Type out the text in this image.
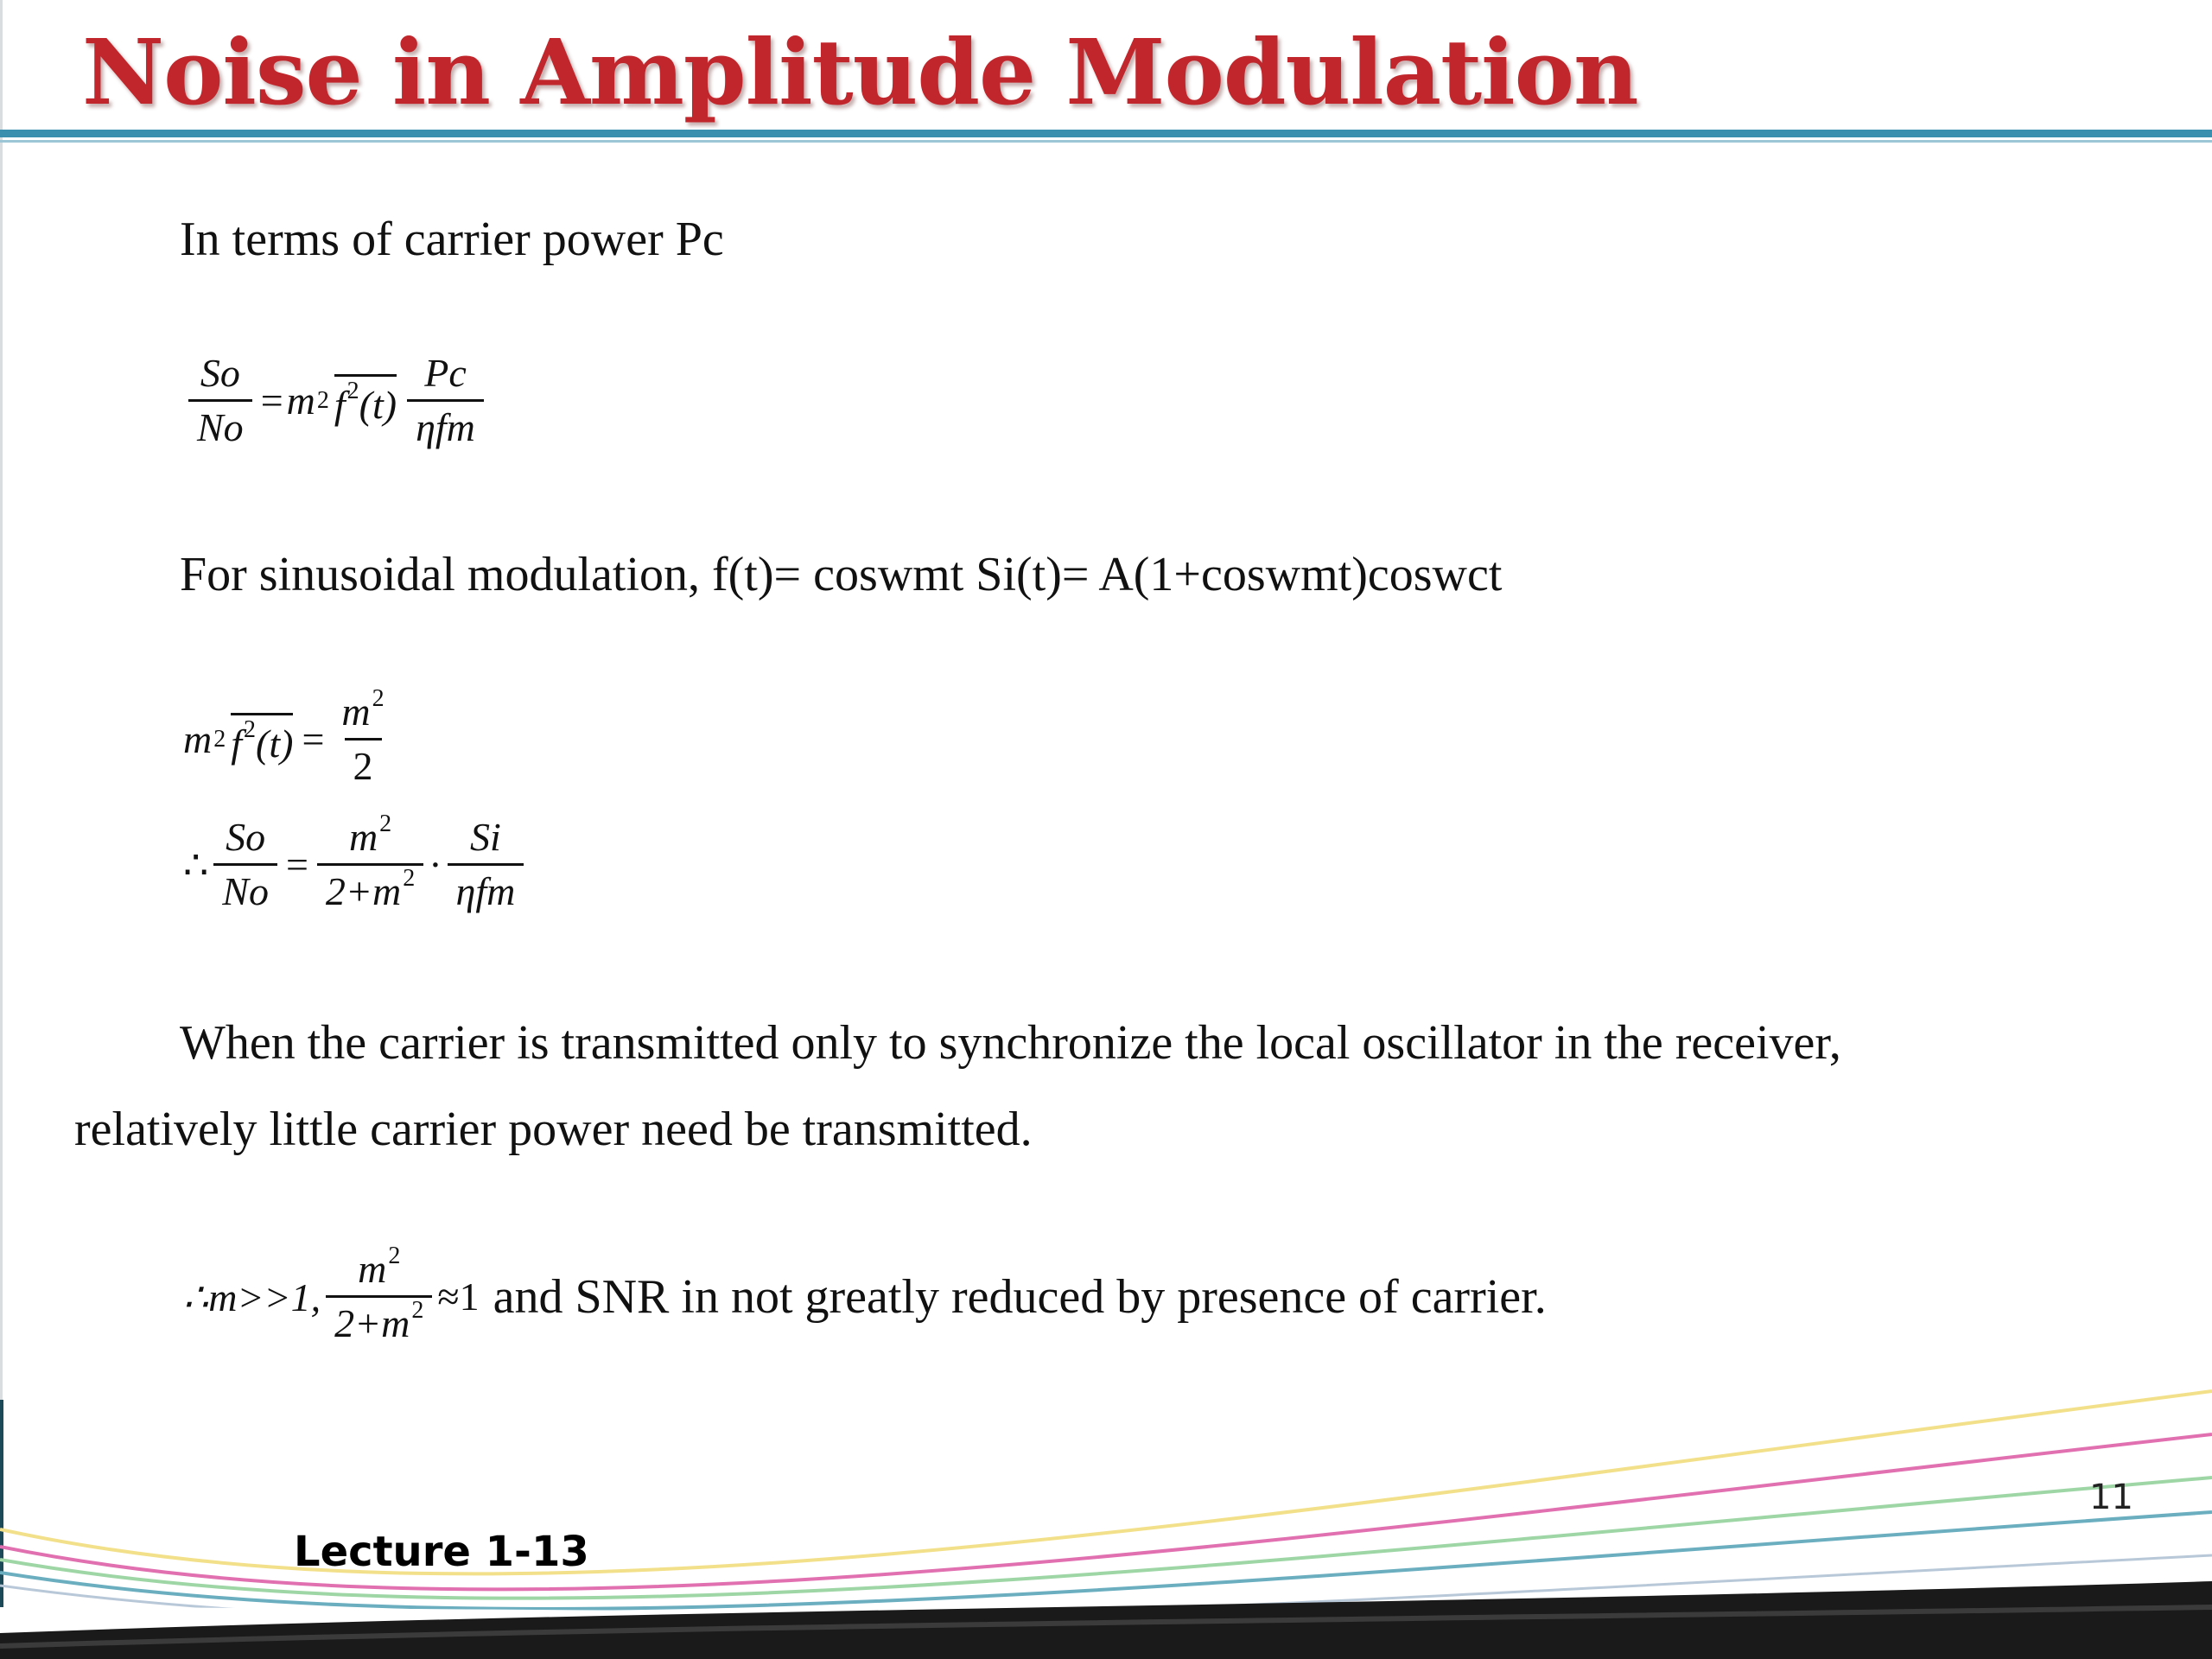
Noise in Amplitude Modulation

In terms of carrier power Pc

$\frac{So}{No} = m$ 2 $f^2(t) \frac{Pc}{\text{ηfm}}$

For sinusoidal modulation, f(t)= coswmt Si(t)= A(1+coswmt)coswct

m 2 $f^2(t) = \frac{m^2}{2}$
∴ $\frac{So}{No} = \frac{m^2}{2+m^2} \cdot \frac{Si}{\text{ηfm}}$

When the carrier is transmitted only to synchronize the local oscillator in the receiver,

relatively little carrier power need be transmitted.

∴m>>1, $\frac{m^2}{2+m^2} \approx 1$ and SNR in not greatly reduced by presence of carrier.
11
Lecture 1-13
